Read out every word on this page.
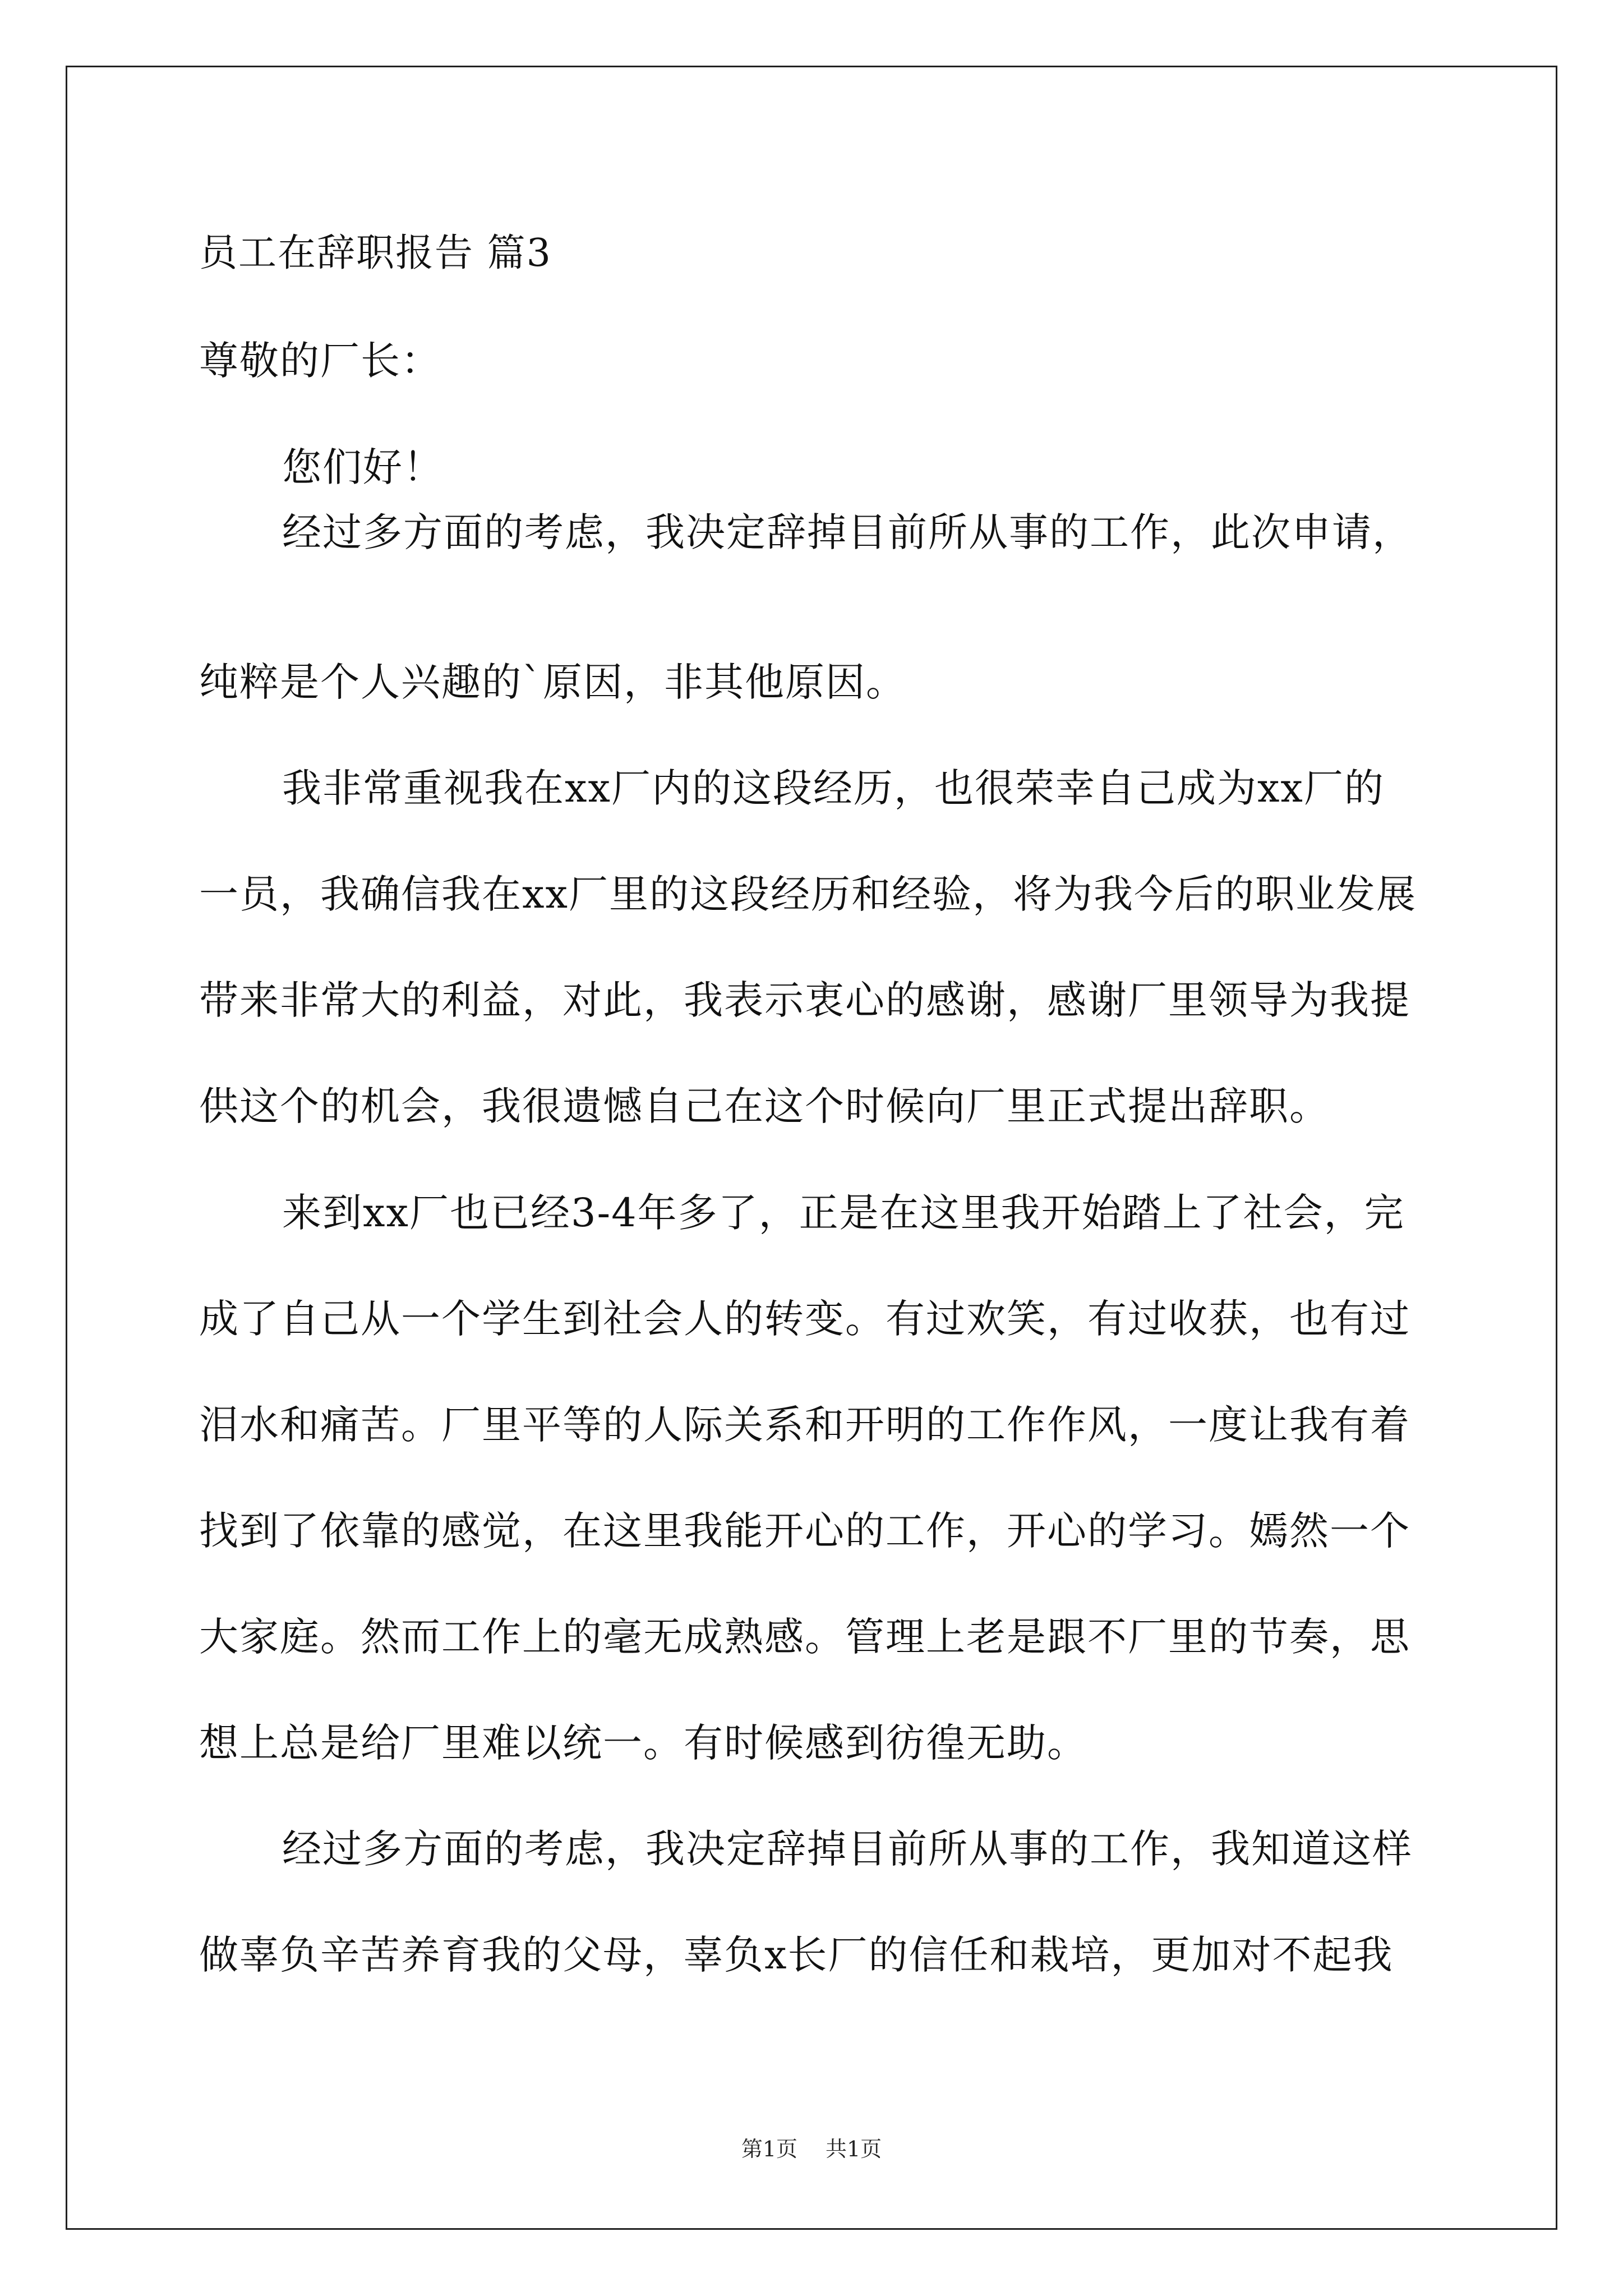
员工在辞职报告 篇3
尊敬的厂长：
您们好！
经过多方面的考虑，我决定辞掉目前所从事的工作，此次申请，
纯粹是个人兴趣的`原因，非其他原因。
我非常重视我在xx厂内的这段经历，也很荣幸自己成为xx厂的
一员，我确信我在xx厂里的这段经历和经验，将为我今后的职业发展
带来非常大的利益，对此，我表示衷心的感谢，感谢厂里领导为我提
供这个的机会，我很遗憾自己在这个时候向厂里正式提出辞职。
来到xx厂也已经3-4年多了，正是在这里我开始踏上了社会，完
成了自己从一个学生到社会人的转变。有过欢笑，有过收获，也有过
泪水和痛苦。厂里平等的人际关系和开明的工作作风，一度让我有着
找到了依靠的感觉，在这里我能开心的工作，开心的学习。嫣然一个
大家庭。然而工作上的毫无成熟感。管理上老是跟不厂里的节奏，思
想上总是给厂里难以统一。有时候感到彷徨无助。
经过多方面的考虑，我决定辞掉目前所从事的工作，我知道这样
做辜负辛苦养育我的父母，辜负x长厂的信任和栽培，更加对不起我
第1页 共1页
